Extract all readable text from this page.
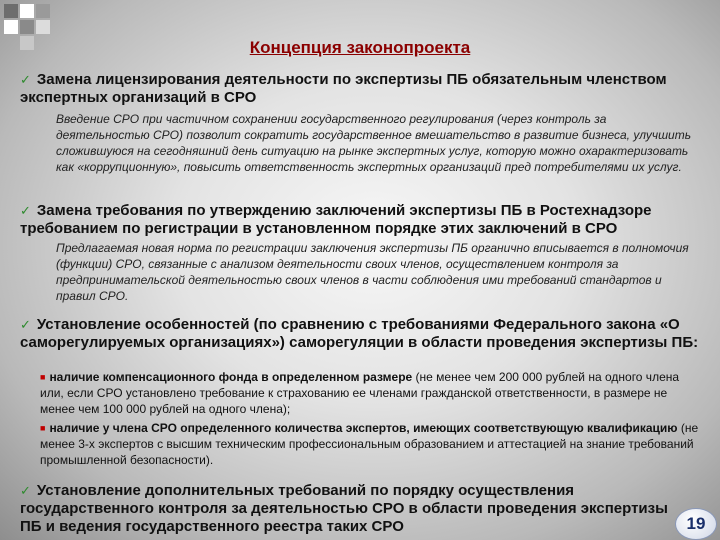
Концепция законопроекта
✓ Замена лицензирования деятельности по экспертизы ПБ обязательным членством экспертных организаций в СРО
Введение СРО при частичном сохранении государственного регулирования (через контроль за деятельностью СРО) позволит сократить государственное вмешательство в развитие бизнеса, улучшить сложившуюся на сегодняшний день ситуацию на рынке экспертных услуг, которую можно охарактеризовать как «коррупционную», повысить ответственность экспертных организаций пред потребителями их услуг.
✓ Замена требования по утверждению заключений экспертизы ПБ в Ростехнадзоре требованием по регистрации в установленном порядке этих заключений в СРО
Предлагаемая новая норма по регистрации заключения экспертизы ПБ органично вписывается в полномочия (функции) СРО, связанные с анализом деятельности своих членов, осуществлением контроля за предпринимательской деятельностью своих членов в части соблюдения ими требований стандартов и правил СРО.
✓ Установление особенностей (по сравнению с требованиями Федерального закона «О саморегулируемых организациях») саморегуляции в области проведения экспертизы ПБ:
■ наличие компенсационного фонда в определенном размере (не менее чем 200 000 рублей на одного члена или, если СРО установлено требование к страхованию ее членами гражданской ответственности, в размере не менее чем 100 000 рублей на одного члена);
■ наличие у члена СРО определенного количества экспертов, имеющих соответствующую квалификацию (не менее 3-х экспертов с высшим техническим профессиональным образованием и аттестацией на знание требований промышленной безопасности).
✓ Установление дополнительных требований по порядку осуществления государственного контроля за деятельностью СРО в области проведения экспертизы ПБ и ведения государственного реестра таких СРО	19
